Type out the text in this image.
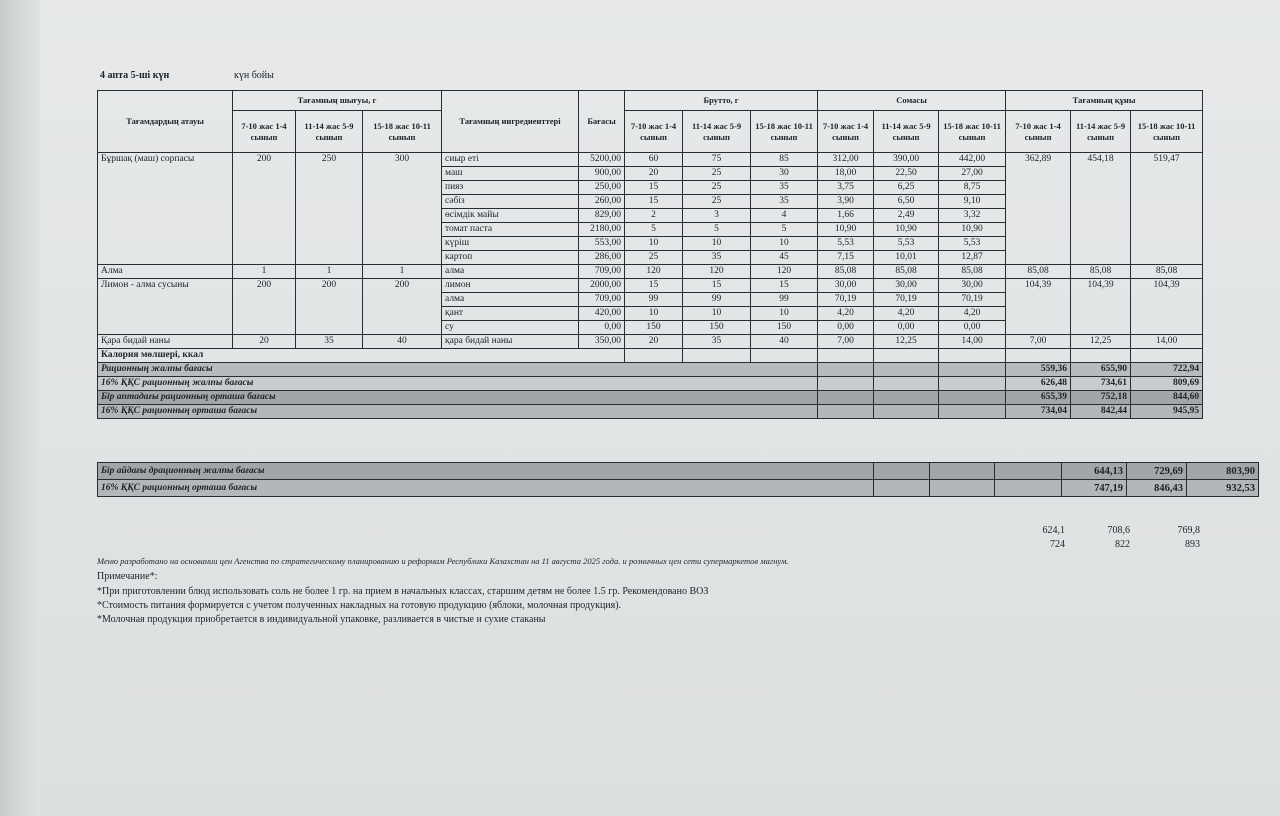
4 апта 5-ші күн	күн бойы
Тағамдардың атауы	Тағамның шығуы, г			Тағамның ингредиенттері	Бағасы	Брутто, г			Сомасы			Тағамның құны		
	7-10 жас 1-4 сынып	11-14 жас 5-9 сынып	15-18 жас 10-11 сынып			7-10 жас 1-4 сынып	11-14 жас 5-9 сынып	15-18 жас 10-11 сынып	7-10 жас 1-4 сынып	11-14 жас 5-9 сынып	15-18 жас 10-11 сынып	7-10 жас 1-4 сынып	11-14 жас 5-9 сынып	15-18 жас 10-11 сынып
Бұршақ (маш) сорпасы	200	250	300	сиыр еті	5200,00	60	75	85	312,00	390,00	442,00	362,89	454,18	519,47
				маш	900,00	20	25	30	18,00	22,50	27,00			
				пияз	250,00	15	25	35	3,75	6,25	8,75			
				сәбіз	260,00	15	25	35	3,90	6,50	9,10			
				өсімдік майы	829,00	2	3	4	1,66	2,49	3,32			
				томат паста	2180,00	5	5	5	10,90	10,90	10,90			
				күріш	553,00	10	10	10	5,53	5,53	5,53			
				картоп	286,00	25	35	45	7,15	10,01	12,87			
Алма	1	1	1	алма	709,00	120	120	120	85,08	85,08	85,08	85,08	85,08	85,08
Лимон - алма сусыны	200	200	200	лимон	2000,00	15	15	15	30,00	30,00	30,00	104,39	104,39	104,39
				алма	709,00	99	99	99	70,19	70,19	70,19			
				қант	420,00	10	10	10	4,20	4,20	4,20			
				су	0,00	150	150	150	0,00	0,00	0,00			
Қара бидай наны	20	35	40	қара бидай наны	350,00	20	35	40	7,00	12,25	14,00	7,00	12,25	14,00
Калория мөлшері, ккал														
Рационның жалпы бағасы												559,36	655,90	722,94
16% ҚҚС рационның жалпы бағасы												626,48	734,61	809,69
Бір аптадағы рационның орташа бағасы												655,39	752,18	844,60
16% ҚҚС рационның орташа бағасы												734,04	842,44	945,95
Бір айдағы драционның жалпы бағасы				644,13	729,69	803,90
16% ҚҚС рационның орташа бағасы				747,19	846,43	932,53
624,1	708,6	769,8
724	822	893
Меню разработано на основании цен Агенства по стратегическому планированию и реформам Республики Казахстан на 11 августа 2025 года. и розничных цен сети супермаркетов магнум.
Примечание*:
*При приготовлении блюд использовать соль не более 1 гр. на прием в начальных классах, старшим детям не более 1.5 гр. Рекомендовано ВОЗ
*Стоимость питания формируется с учетом полученных накладных на готовую продукцию (яблоки, молочная продукция).
*Молочная продукция приобретается в индивидуальной упаковке, разливается в чистые и сухие стаканы
